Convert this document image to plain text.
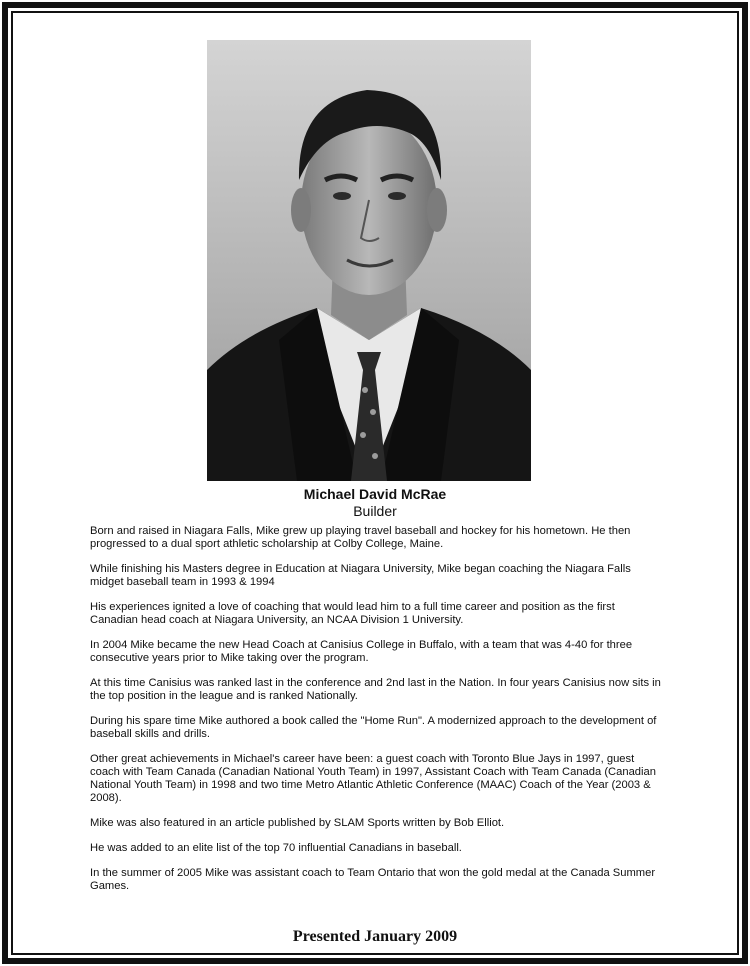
Michael David McRae
Builder

Born and raised in Niagara Falls, Mike grew up playing travel baseball and hockey for his hometown. He then progressed to a dual sport athletic scholarship at Colby College, Maine.

While finishing his Masters degree in Education at Niagara University, Mike began coaching the Niagara Falls midget baseball team in 1993 & 1994

His experiences ignited a love of coaching that would lead him to a full time career and position as the first Canadian head coach at Niagara University, an NCAA Division 1 University.

In 2004 Mike became the new Head Coach at Canisius College in Buffalo, with a team that was 4-40 for three consecutive years prior to Mike taking over the program.

At this time Canisius was ranked last in the conference and 2nd last in the Nation. In four years Canisius now sits in the top position in the league and is ranked Nationally.

During his spare time Mike authored a book called the "Home Run". A modernized approach to the development of baseball skills and drills.

Other great achievements in Michael's career have been: a guest coach with Toronto Blue Jays in 1997, guest coach with Team Canada (Canadian National Youth Team) in 1997, Assistant Coach with Team Canada (Canadian National Youth Team) in 1998 and two time Metro Atlantic Athletic Conference (MAAC) Coach of the Year (2003 & 2008).

Mike was also featured in an article published by SLAM Sports written by Bob Elliot.

He was added to an elite list of the top 70 influential Canadians in baseball.

In the summer of 2005 Mike was assistant coach to Team Ontario that won the gold medal at the Canada Summer Games.

Presented January 2009
